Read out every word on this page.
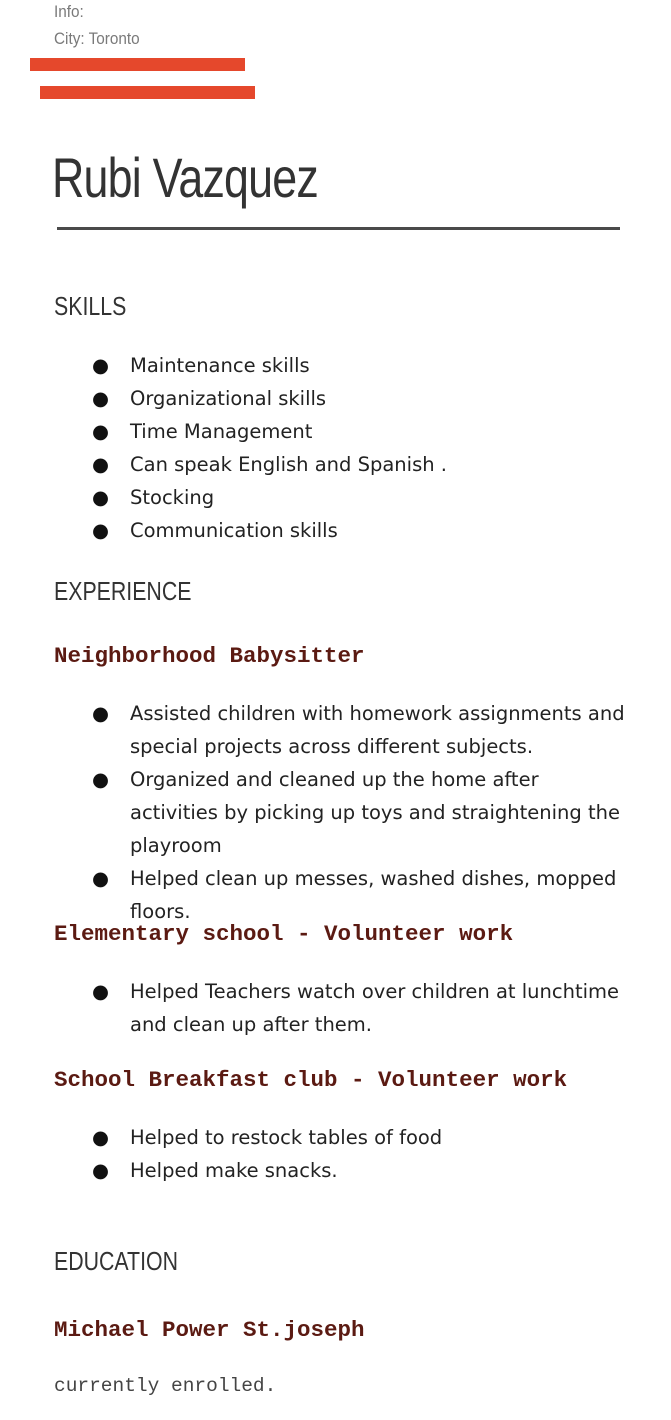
Info:
City: Toronto
Rubi Vazquez
SKILLS
● Maintenance skills
● Organizational skills
● Time Management
● Can speak English and Spanish .
● Stocking
● Communication skills
EXPERIENCE
Neighborhood Babysitter
● Assisted children with homework assignments and special projects across different subjects.
● Organized and cleaned up the home after activities by picking up toys and straightening the playroom
● Helped clean up messes, washed dishes, mopped floors.
Elementary school - Volunteer work
● Helped Teachers watch over children at lunchtime and clean up after them.
School Breakfast club - Volunteer work
● Helped to restock tables of food
● Helped make snacks.
EDUCATION
Michael Power St.joseph
currently enrolled.
